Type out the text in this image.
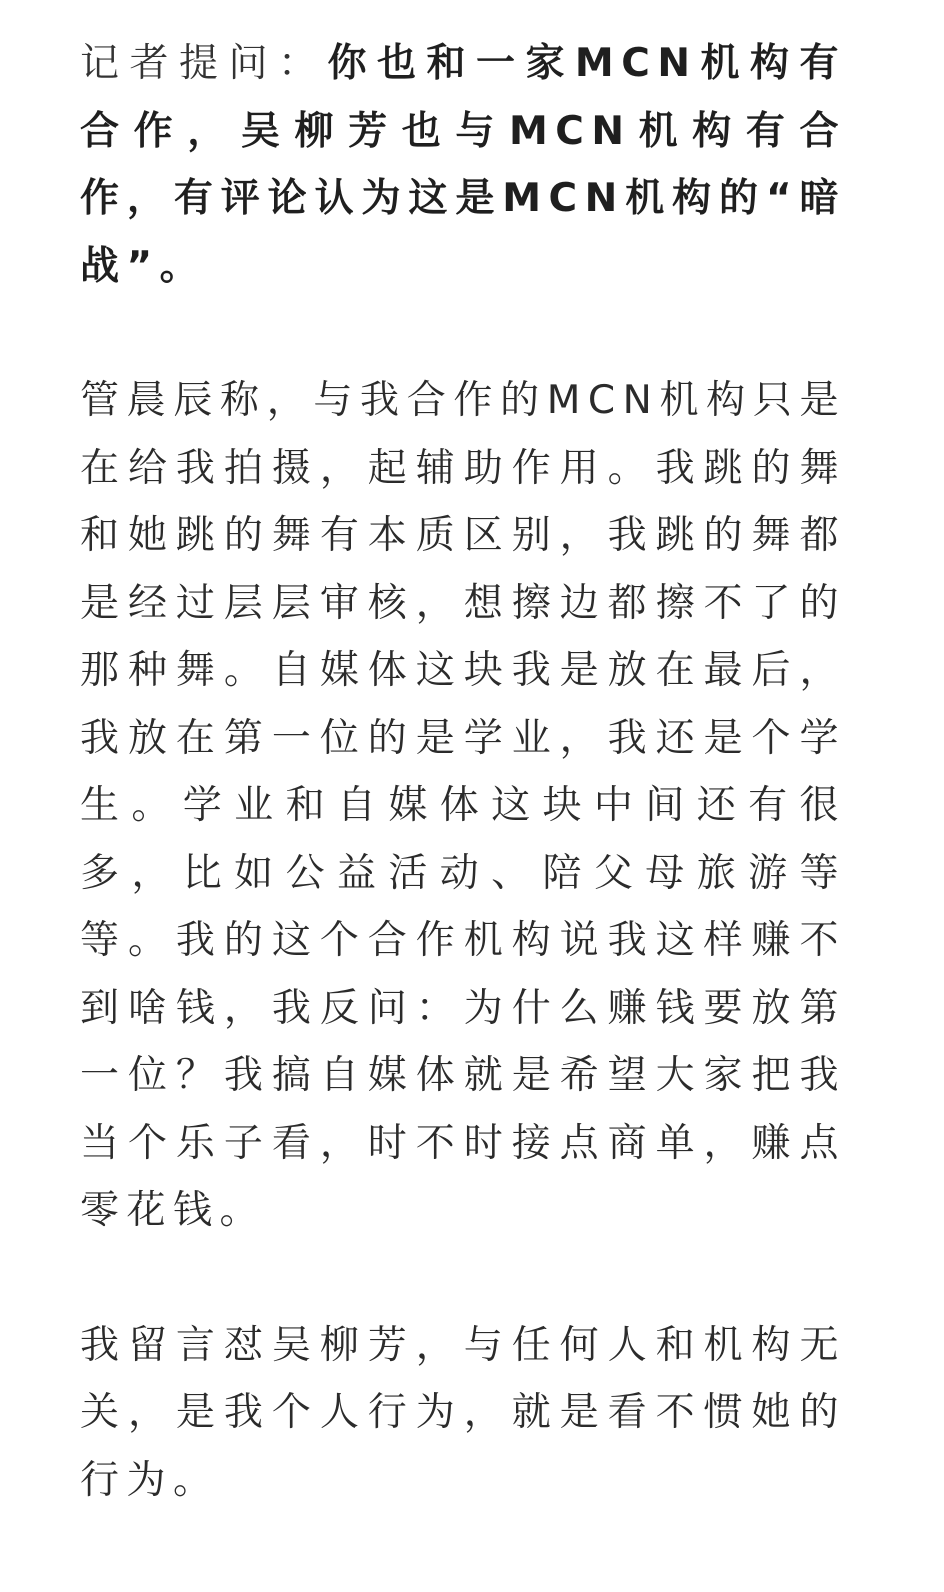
记者提问：你也和一家MCN机构有合作，吴柳芳也与MCN机构有合作，有评论认为这是MCN机构的“暗战”。

管晨辰称，与我合作的MCN机构只是在给我拍摄，起辅助作用。我跳的舞和她跳的舞有本质区别，我跳的舞都是经过层层审核，想擦边都擦不了的那种舞。自媒体这块我是放在最后，我放在第一位的是学业，我还是个学生。学业和自媒体这块中间还有很多，比如公益活动、陪父母旅游等等。我的这个合作机构说我这样赚不到啥钱，我反问：为什么赚钱要放第一位？我搞自媒体就是希望大家把我当个乐子看，时不时接点商单，赚点零花钱。

我留言怼吴柳芳，与任何人和机构无关，是我个人行为，就是看不惯她的行为。
